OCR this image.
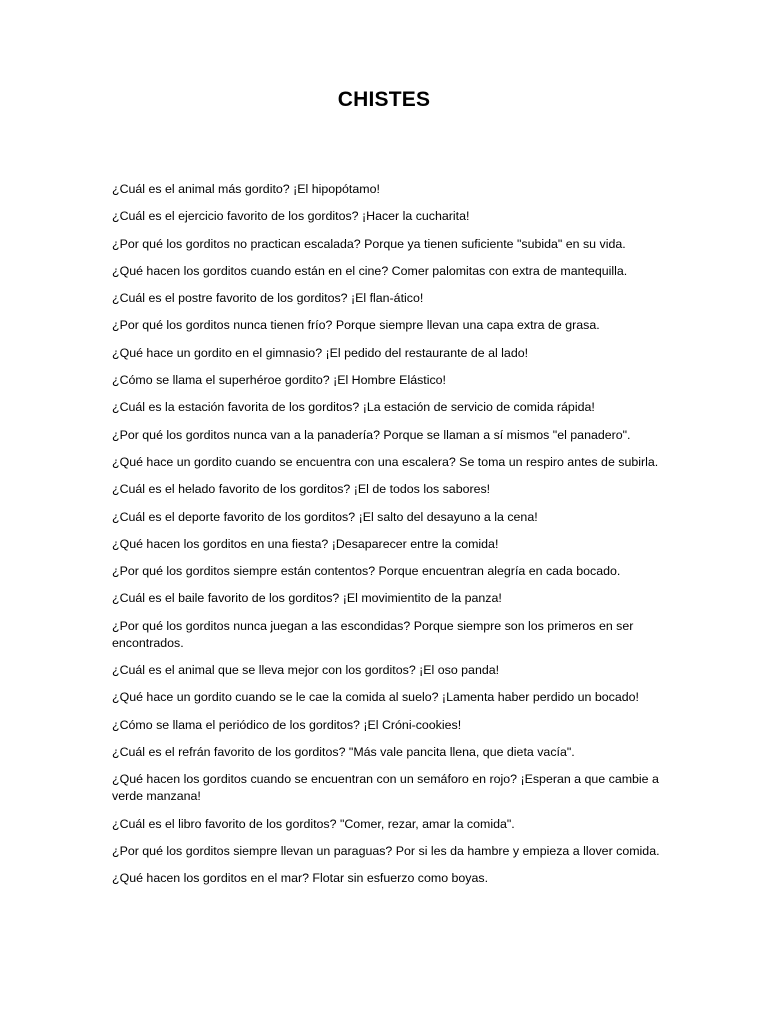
CHISTES
¿Cuál es el animal más gordito? ¡El hipopótamo!
¿Cuál es el ejercicio favorito de los gorditos? ¡Hacer la cucharita!
¿Por qué los gorditos no practican escalada? Porque ya tienen suficiente "subida" en su vida.
¿Qué hacen los gorditos cuando están en el cine? Comer palomitas con extra de mantequilla.
¿Cuál es el postre favorito de los gorditos? ¡El flan-ático!
¿Por qué los gorditos nunca tienen frío? Porque siempre llevan una capa extra de grasa.
¿Qué hace un gordito en el gimnasio? ¡El pedido del restaurante de al lado!
¿Cómo se llama el superhéroe gordito? ¡El Hombre Elástico!
¿Cuál es la estación favorita de los gorditos? ¡La estación de servicio de comida rápida!
¿Por qué los gorditos nunca van a la panadería? Porque se llaman a sí mismos "el panadero".
¿Qué hace un gordito cuando se encuentra con una escalera? Se toma un respiro antes de subirla.
¿Cuál es el helado favorito de los gorditos? ¡El de todos los sabores!
¿Cuál es el deporte favorito de los gorditos? ¡El salto del desayuno a la cena!
¿Qué hacen los gorditos en una fiesta? ¡Desaparecer entre la comida!
¿Por qué los gorditos siempre están contentos? Porque encuentran alegría en cada bocado.
¿Cuál es el baile favorito de los gorditos? ¡El movimientito de la panza!
¿Por qué los gorditos nunca juegan a las escondidas? Porque siempre son los primeros en ser encontrados.
¿Cuál es el animal que se lleva mejor con los gorditos? ¡El oso panda!
¿Qué hace un gordito cuando se le cae la comida al suelo? ¡Lamenta haber perdido un bocado!
¿Cómo se llama el periódico de los gorditos? ¡El Cróni-cookies!
¿Cuál es el refrán favorito de los gorditos? "Más vale pancita llena, que dieta vacía".
¿Qué hacen los gorditos cuando se encuentran con un semáforo en rojo? ¡Esperan a que cambie a verde manzana!
¿Cuál es el libro favorito de los gorditos? "Comer, rezar, amar la comida".
¿Por qué los gorditos siempre llevan un paraguas? Por si les da hambre y empieza a llover comida.
¿Qué hacen los gorditos en el mar? Flotar sin esfuerzo como boyas.
